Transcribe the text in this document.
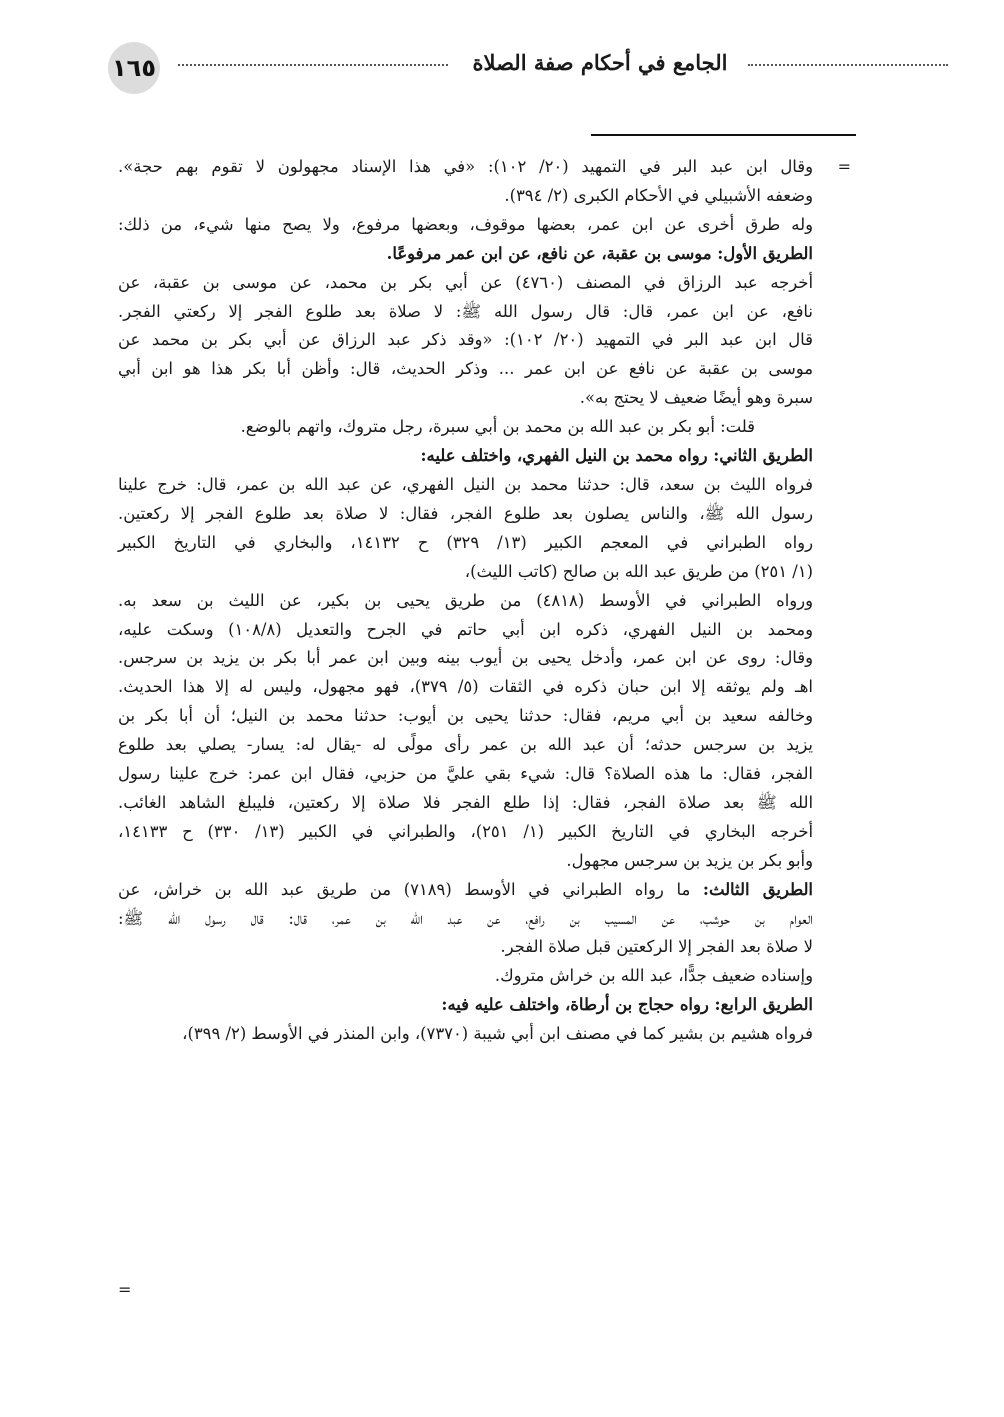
١٦٥	الجامع في أحكام صفة الصلاة
=
وقال ابن عبد البر في التمهيد (٢٠/ ١٠٢): «في هذا الإسناد مجهولون لا تقوم بهم حجة».
وضعفه الأشبيلي في الأحكام الكبرى (٢/ ٣٩٤).
وله طرق أخرى عن ابن عمر، بعضها موقوف، وبعضها مرفوع، ولا يصح منها شيء، من ذلك:
الطريق الأول: موسى بن عقبة، عن نافع، عن ابن عمر مرفوعًا.
أخرجه عبد الرزاق في المصنف (٤٧٦٠) عن أبي بكر بن محمد، عن موسى بن عقبة، عن
نافع، عن ابن عمر، قال: قال رسول الله ﷺ: لا صلاة بعد طلوع الفجر إلا ركعتي الفجر.
قال ابن عبد البر في التمهيد (٢٠/ ١٠٢): «وقد ذكر عبد الرزاق عن أبي بكر بن محمد عن
موسى بن عقبة عن نافع عن ابن عمر ... وذكر الحديث، قال: وأظن أبا بكر هذا هو ابن أبي
سبرة وهو أيضًا ضعيف لا يحتج به».
قلت: أبو بكر بن عبد الله بن محمد بن أبي سبرة، رجل متروك، واتهم بالوضع.
الطريق الثاني: رواه محمد بن النيل الفهري، واختلف عليه:
فرواه الليث بن سعد، قال: حدثنا محمد بن النيل الفهري، عن عبد الله بن عمر، قال: خرج علينا
رسول الله ﷺ، والناس يصلون بعد طلوع الفجر، فقال: لا صلاة بعد طلوع الفجر إلا ركعتين.
رواه الطبراني في المعجم الكبير (١٣/ ٣٢٩) ح ١٤١٣٢، والبخاري في التاريخ الكبير
(١/ ٢٥١) من طريق عبد الله بن صالح (كاتب الليث)،
ورواه الطبراني في الأوسط (٤٨١٨) من طريق يحيى بن بكير، عن الليث بن سعد به.
ومحمد بن النيل الفهري، ذكره ابن أبي حاتم في الجرح والتعديل (١٠٨/٨) وسكت عليه،
وقال: روى عن ابن عمر، وأدخل يحيى بن أيوب بينه وبين ابن عمر أبا بكر بن يزيد بن سرجس.
اهـ ولم يوثقه إلا ابن حبان ذكره في الثقات (٥/ ٣٧٩)، فهو مجهول، وليس له إلا هذا الحديث.
وخالفه سعيد بن أبي مريم، فقال: حدثنا يحيى بن أيوب: حدثنا محمد بن النيل؛ أن أبا بكر بن
يزيد بن سرجس حدثه؛ أن عبد الله بن عمر رأى مولًى له -يقال له: يسار- يصلي بعد طلوع
الفجر، فقال: ما هذه الصلاة؟ قال: شيء بقي عليَّ من حزبي، فقال ابن عمر: خرج علينا رسول
الله ﷺ بعد صلاة الفجر، فقال: إذا طلع الفجر فلا صلاة إلا ركعتين، فليبلغ الشاهد الغائب.
أخرجه البخاري في التاريخ الكبير (١/ ٢٥١)، والطبراني في الكبير (١٣/ ٣٣٠) ح ١٤١٣٣،
وأبو بكر بن يزيد بن سرجس مجهول.
الطريق الثالث: ما رواه الطبراني في الأوسط (٧١٨٩) من طريق عبد الله بن خراش، عن
العوام بن حوشب، عن المسيب بن رافع، عن عبد الله بن عمر، قال: قال رسول الله ﷺ:
لا صلاة بعد الفجر إلا الركعتين قبل صلاة الفجر.
وإسناده ضعيف جدًّا، عبد الله بن خراش متروك.
الطريق الرابع: رواه حجاج بن أرطاة، واختلف عليه فيه:
فرواه هشيم بن بشير كما في مصنف ابن أبي شيبة (٧٣٧٠)، وابن المنذر في الأوسط (٢/ ٣٩٩)،
=
